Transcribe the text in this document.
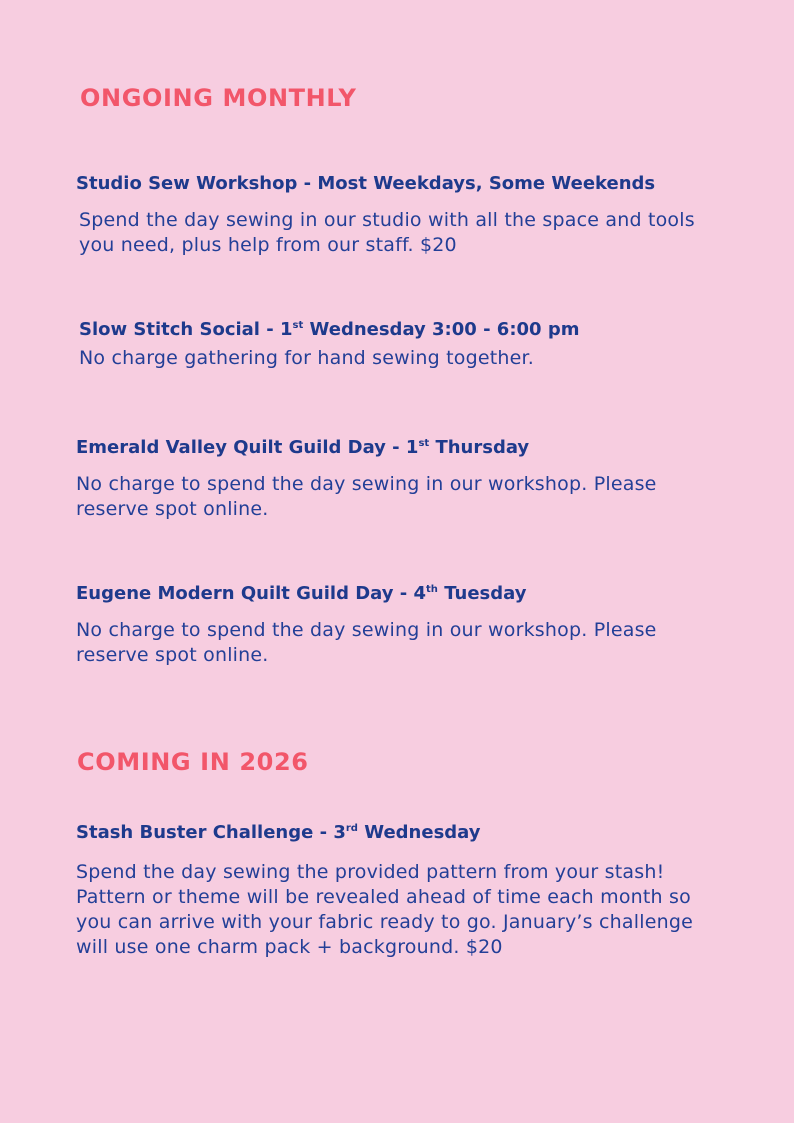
ONGOING MONTHLY
Studio Sew Workshop - Most Weekdays, Some Weekends

Spend the day sewing in our studio with all the space and tools you need, plus help from our staff. $20

Slow Stitch Social - 1st Wednesday 3:00 - 6:00 pm

No charge gathering for hand sewing together.

Emerald Valley Quilt Guild Day - 1st Thursday

No charge to spend the day sewing in our workshop. Please reserve spot online.

Eugene Modern Quilt Guild Day - 4th Tuesday

No charge to spend the day sewing in our workshop. Please reserve spot online.

COMING IN 2026
Stash Buster Challenge - 3rd Wednesday

Spend the day sewing the provided pattern from your stash! Pattern or theme will be revealed ahead of time each month so you can arrive with your fabric ready to go. January’s challenge will use one charm pack + background. $20
